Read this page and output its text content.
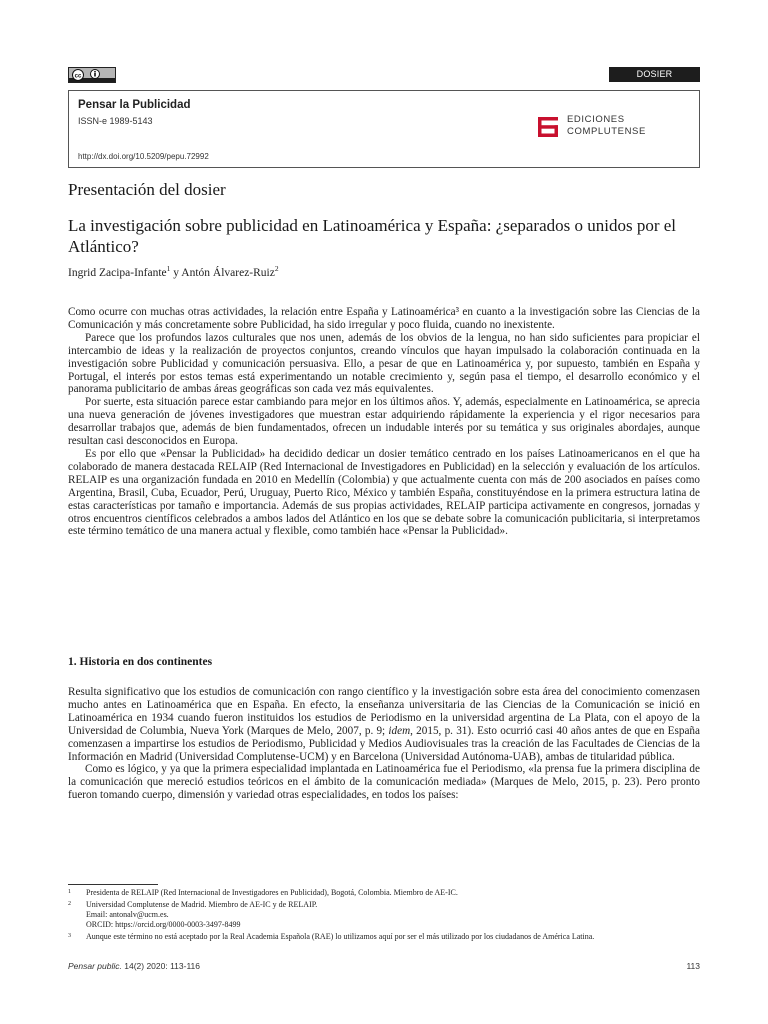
cc	DOSIER
Pensar la Publicidad
ISSN-e 1989-5143
http://dx.doi.org/10.5209/pepu.72992
EDICIONES
COMPLUTENSE
Presentación del dosier
La investigación sobre publicidad en Latinoamérica y España: ¿separados o unidos por el Atlántico?
Ingrid Zacipa-Infante$^1$ y Antón Álvarez-Ruiz$^2$

Como ocurre con muchas otras actividades, la relación entre España y Latinoamérica³ en cuanto a la investigación sobre las Ciencias de la Comunicación y más concretamente sobre Publicidad, ha sido irregular y poco fluida, cuando no inexistente.

Parece que los profundos lazos culturales que nos unen, además de los obvios de la lengua, no han sido suficientes para propiciar el intercambio de ideas y la realización de proyectos conjuntos, creando vínculos que hayan impulsado la colaboración continuada en la investigación sobre Publicidad y comunicación persuasiva. Ello, a pesar de que en Latinoamérica y, por supuesto, también en España y Portugal, el interés por estos temas está experimentando un notable crecimiento y, según pasa el tiempo, el desarrollo económico y el panorama publicitario de ambas áreas geográficas son cada vez más equivalentes.

Por suerte, esta situación parece estar cambiando para mejor en los últimos años. Y, además, especialmente en Latinoamérica, se aprecia una nueva generación de jóvenes investigadores que muestran estar adquiriendo rápidamente la experiencia y el rigor necesarios para desarrollar trabajos que, además de bien fundamentados, ofrecen un indudable interés por su temática y sus originales abordajes, aunque resultan casi desconocidos en Europa.

Es por ello que «Pensar la Publicidad» ha decidido dedicar un dosier temático centrado en los países Latinoamericanos en el que ha colaborado de manera destacada RELAIP (Red Internacional de Investigadores en Publicidad) en la selección y evaluación de los artículos. RELAIP es una organización fundada en 2010 en Medellín (Colombia) y que actualmente cuenta con más de 200 asociados en países como Argentina, Brasil, Cuba, Ecuador, Perú, Uruguay, Puerto Rico, México y también España, constituyéndose en la primera estructura latina de estas características por tamaño e importancia. Además de sus propias actividades, RELAIP participa activamente en congresos, jornadas y otros encuentros científicos celebrados a ambos lados del Atlántico en los que se debate sobre la comunicación publicitaria, si interpretamos este término temático de una manera actual y flexible, como también hace «Pensar la Publicidad».

1. Historia en dos continentes

Resulta significativo que los estudios de comunicación con rango científico y la investigación sobre esta área del conocimiento comenzasen mucho antes en Latinoamérica que en España. En efecto, la enseñanza universitaria de las Ciencias de la Comunicación se inició en Latinoamérica en 1934 cuando fueron instituidos los estudios de Periodismo en la universidad argentina de La Plata, con el apoyo de la Universidad de Columbia, Nueva York (Marques de Melo, 2007, p. 9; idem, 2015, p. 31). Esto ocurrió casi 40 años antes de que en España comenzasen a impartirse los estudios de Periodismo, Publicidad y Medios Audiovisuales tras la creación de las Facultades de Ciencias de la Información en Madrid (Universidad Complutense-UCM) y en Barcelona (Universidad Autónoma-UAB), ambas de titularidad pública.

Como es lógico, y ya que la primera especialidad implantada en Latinoamérica fue el Periodismo, «la prensa fue la primera disciplina de la comunicación que mereció estudios teóricos en el ámbito de la comunicación mediada» (Marques de Melo, 2015, p. 23). Pero pronto fueron tomando cuerpo, dimensión y variedad otras especialidades, en todos los países:

1 Presidenta de RELAIP (Red Internacional de Investigadores en Publicidad), Bogotá, Colombia. Miembro de AE-IC.
2 Universidad Complutense de Madrid. Miembro de AE-IC y de RELAIP.
Email: antonalv@ucm.es.
ORCID: https://orcid.org/0000-0003-3497-8499
3 Aunque este término no está aceptado por la Real Academia Española (RAE) lo utilizamos aquí por ser el más utilizado por los ciudadanos de América Latina.
Pensar public. 14(2) 2020: 113-116	113
